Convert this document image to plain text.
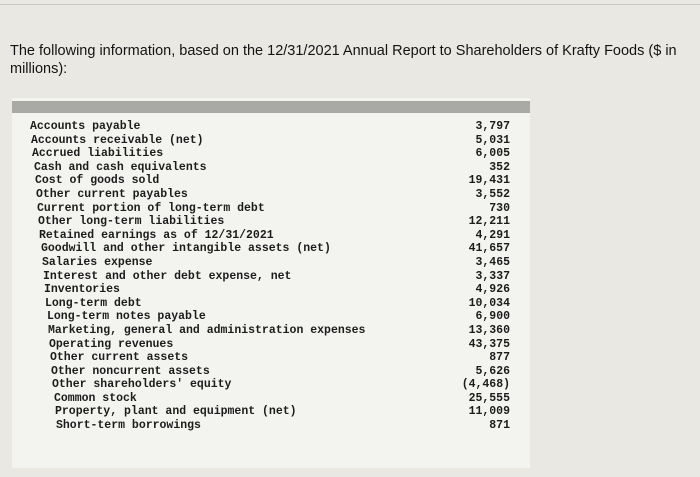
The following information, based on the 12/31/2021 Annual Report to Shareholders of Krafty Foods ($ in millions):
Accounts payable	3,797
Accounts receivable (net)	5,031
Accrued liabilities	6,005
Cash and cash equivalents	352
Cost of goods sold	19,431
Other current payables	3,552
Current portion of long-term debt	730
Other long-term liabilities	12,211
Retained earnings as of 12/31/2021	4,291
Goodwill and other intangible assets (net)	41,657
Salaries expense	3,465
Interest and other debt expense, net	3,337
Inventories	4,926
Long-term debt	10,034
Long-term notes payable	6,900
Marketing, general and administration expenses	13,360
Operating revenues	43,375
Other current assets	877
Other noncurrent assets	5,626
Other shareholders' equity	(4,468)
Common stock	25,555
Property, plant and equipment (net)	11,009
Short-term borrowings	871
